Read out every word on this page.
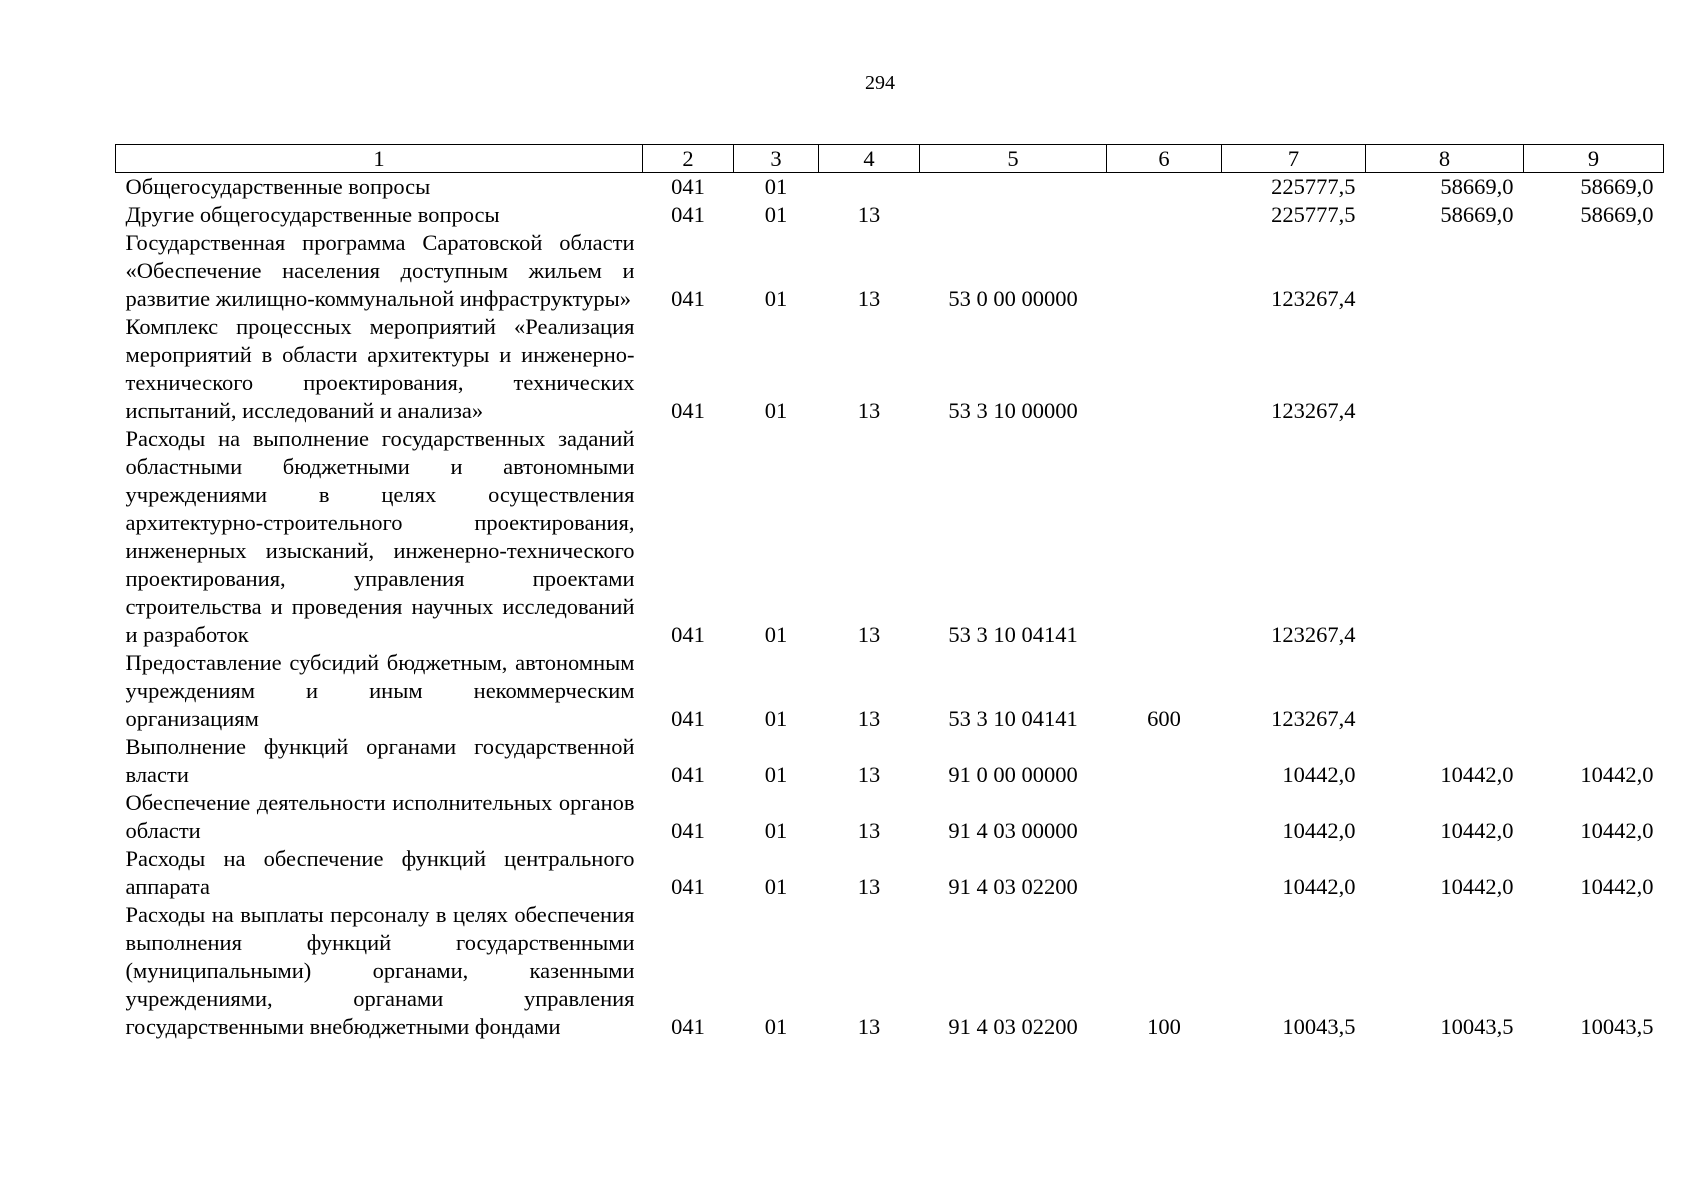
294
1	2	3	4	5	6	7	8	9
Общегосударственные вопросы	041	01				225777,5	58669,0	58669,0
Другие общегосударственные вопросы	041	01	13			225777,5	58669,0	58669,0
Государственная программа Саратовской области «Обеспечение населения доступным жильем и развитие жилищно-коммунальной инфраструктуры»	041	01	13	53 0 00 00000		123267,4		
Комплекс процессных мероприятий «Реализация мероприятий в области архитектуры и инженерно-технического проектирования, технических испытаний, исследований и анализа»	041	01	13	53 3 10 00000		123267,4		
Расходы на выполнение государственных заданий областными бюджетными и автономными учреждениями в целях осуществления архитектурно-строительного проектирования, инженерных изысканий, инженерно-технического проектирования, управления проектами строительства и проведения научных исследований и разработок	041	01	13	53 3 10 04141		123267,4		
Предоставление субсидий бюджетным, автономным учреждениям и иным некоммерческим организациям	041	01	13	53 3 10 04141	600	123267,4		
Выполнение функций органами государственной власти	041	01	13	91 0 00 00000		10442,0	10442,0	10442,0
Обеспечение деятельности исполнительных органов области	041	01	13	91 4 03 00000		10442,0	10442,0	10442,0
Расходы на обеспечение функций центрального аппарата	041	01	13	91 4 03 02200		10442,0	10442,0	10442,0
Расходы на выплаты персоналу в целях обеспечения выполнения функций государственными (муниципальными) органами, казенными учреждениями, органами управления государственными внебюджетными фондами	041	01	13	91 4 03 02200	100	10043,5	10043,5	10043,5
